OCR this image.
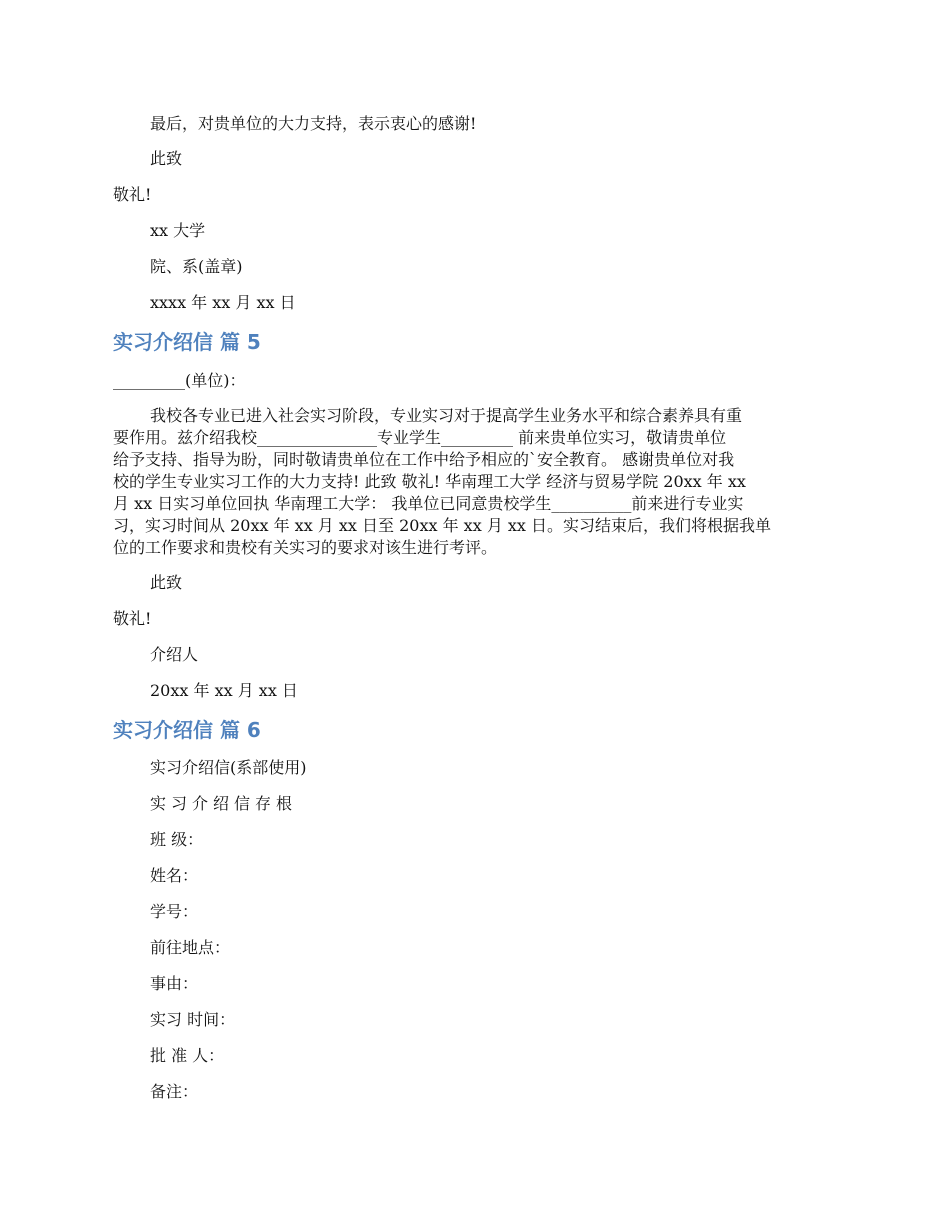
最后，对贵单位的大力支持，表示衷心的感谢!
此致
敬礼!
xx 大学
院、系(盖章)
xxxx 年 xx 月 xx 日
实习介绍信 篇 5
_________(单位)：
我校各专业已进入社会实习阶段，专业实习对于提高学生业务水平和综合素养具有重
要作用。兹介绍我校_______________专业学生_________ 前来贵单位实习，敬请贵单位
给予支持、指导为盼，同时敬请贵单位在工作中给予相应的`安全教育。 感谢贵单位对我
校的学生专业实习工作的大力支持! 此致 敬礼! 华南理工大学 经济与贸易学院 20xx 年 xx
月 xx 日实习单位回执 华南理工大学： 我单位已同意贵校学生__________前来进行专业实
习，实习时间从 20xx 年 xx 月 xx 日至 20xx 年 xx 月 xx 日。实习结束后，我们将根据我单
位的工作要求和贵校有关实习的要求对该生进行考评。
此致
敬礼!
介绍人
20xx 年 xx 月 xx 日
实习介绍信 篇 6
实习介绍信(系部使用)
实习介绍信存根
班 级：
姓名：
学号：
前往地点：
事由：
实习 时间：
批 准 人：
备注：
